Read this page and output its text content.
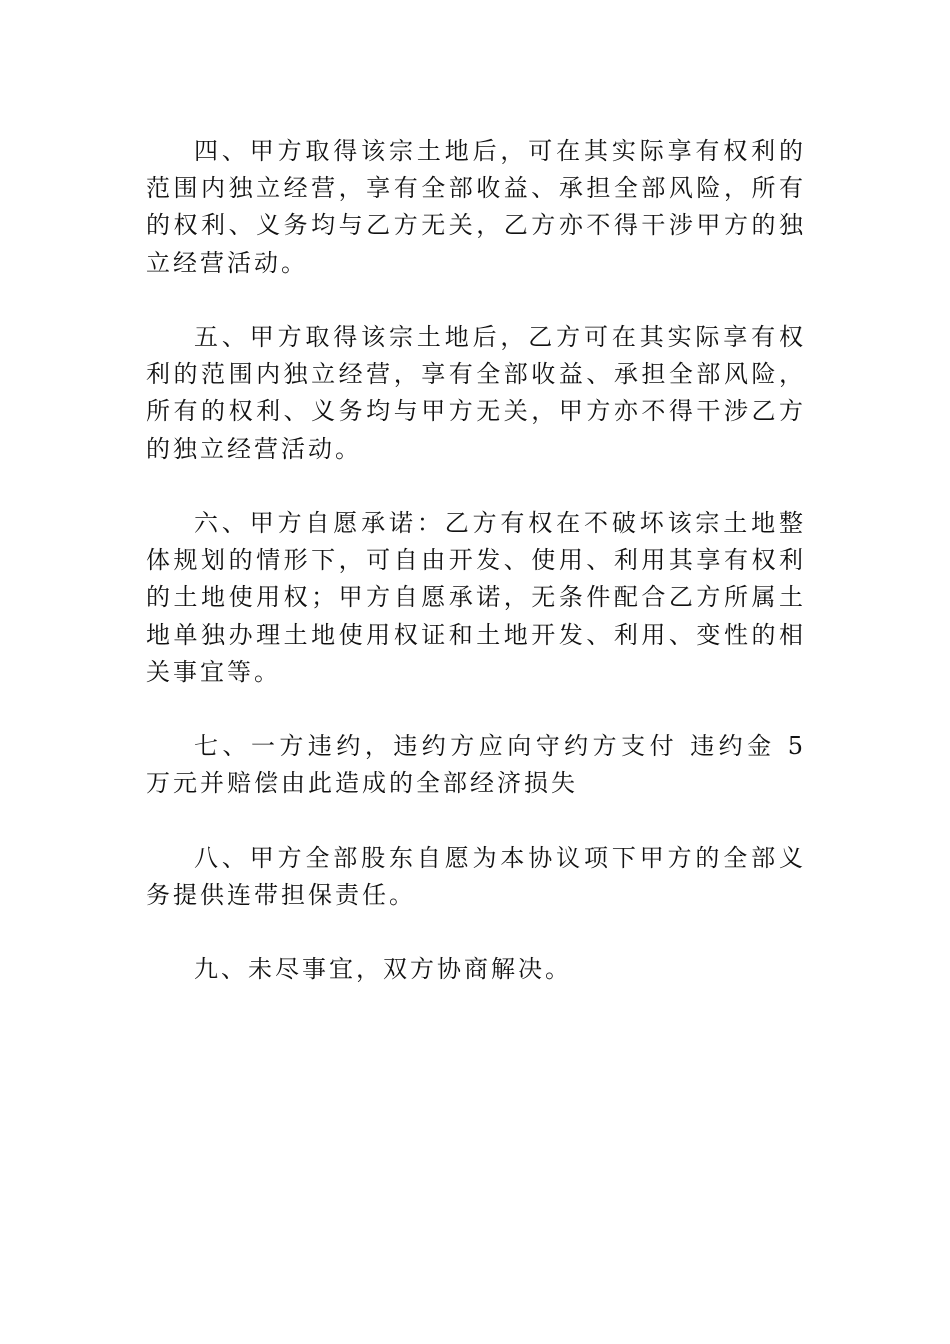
四、甲方取得该宗土地后，可在其实际享有权利的范围内独立经营，享有全部收益、承担全部风险，所有的权利、义务均与乙方无关，乙方亦不得干涉甲方的独立经营活动。

五、甲方取得该宗土地后，乙方可在其实际享有权利的范围内独立经营，享有全部收益、承担全部风险，所有的权利、义务均与甲方无关，甲方亦不得干涉乙方的独立经营活动。

六、甲方自愿承诺：乙方有权在不破坏该宗土地整体规划的情形下，可自由开发、使用、利用其享有权利的土地使用权；甲方自愿承诺，无条件配合乙方所属土地单独办理土地使用权证和土地开发、利用、变性的相关事宜等。

七、一方违约，违约方应向守约方支付 违约金 5 万元并赔偿由此造成的全部经济损失

八、甲方全部股东自愿为本协议项下甲方的全部义务提供连带担保责任。

九、未尽事宜，双方协商解决。
